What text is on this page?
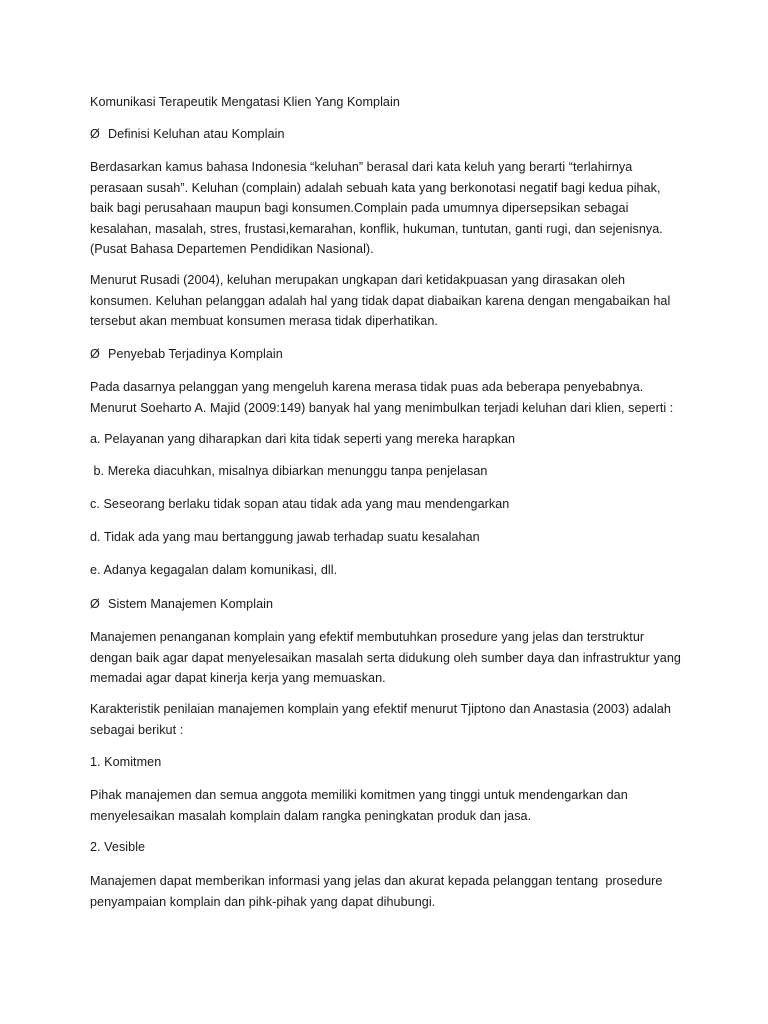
Komunikasi Terapeutik Mengatasi Klien Yang Komplain

Ø Definisi Keluhan atau Komplain

Berdasarkan kamus bahasa Indonesia “keluhan” berasal dari kata keluh yang berarti “terlahirnya
perasaan susah”. Keluhan (complain) adalah sebuah kata yang berkonotasi negatif bagi kedua pihak,
baik bagi perusahaan maupun bagi konsumen.Complain pada umumnya dipersepsikan sebagai
kesalahan, masalah, stres, frustasi,kemarahan, konflik, hukuman, tuntutan, ganti rugi, dan sejenisnya.
(Pusat Bahasa Departemen Pendidikan Nasional).

Menurut Rusadi (2004), keluhan merupakan ungkapan dari ketidakpuasan yang dirasakan oleh
konsumen. Keluhan pelanggan adalah hal yang tidak dapat diabaikan karena dengan mengabaikan hal
tersebut akan membuat konsumen merasa tidak diperhatikan.

Ø Penyebab Terjadinya Komplain

Pada dasarnya pelanggan yang mengeluh karena merasa tidak puas ada beberapa penyebabnya.
Menurut Soeharto A. Majid (2009:149) banyak hal yang menimbulkan terjadi keluhan dari klien, seperti :

a. Pelayanan yang diharapkan dari kita tidak seperti yang mereka harapkan

b. Mereka diacuhkan, misalnya dibiarkan menunggu tanpa penjelasan

c. Seseorang berlaku tidak sopan atau tidak ada yang mau mendengarkan

d. Tidak ada yang mau bertanggung jawab terhadap suatu kesalahan

e. Adanya kegagalan dalam komunikasi, dll.

Ø Sistem Manajemen Komplain

Manajemen penanganan komplain yang efektif membutuhkan prosedure yang jelas dan terstruktur
dengan baik agar dapat menyelesaikan masalah serta didukung oleh sumber daya dan infrastruktur yang
memadai agar dapat kinerja kerja yang memuaskan.

Karakteristik penilaian manajemen komplain yang efektif menurut Tjiptono dan Anastasia (2003) adalah
sebagai berikut :

1. Komitmen

Pihak manajemen dan semua anggota memiliki komitmen yang tinggi untuk mendengarkan dan
menyelesaikan masalah komplain dalam rangka peningkatan produk dan jasa.

2. Vesible

Manajemen dapat memberikan informasi yang jelas dan akurat kepada pelanggan tentang  prosedure
penyampaian komplain dan pihk-pihak yang dapat dihubungi.
